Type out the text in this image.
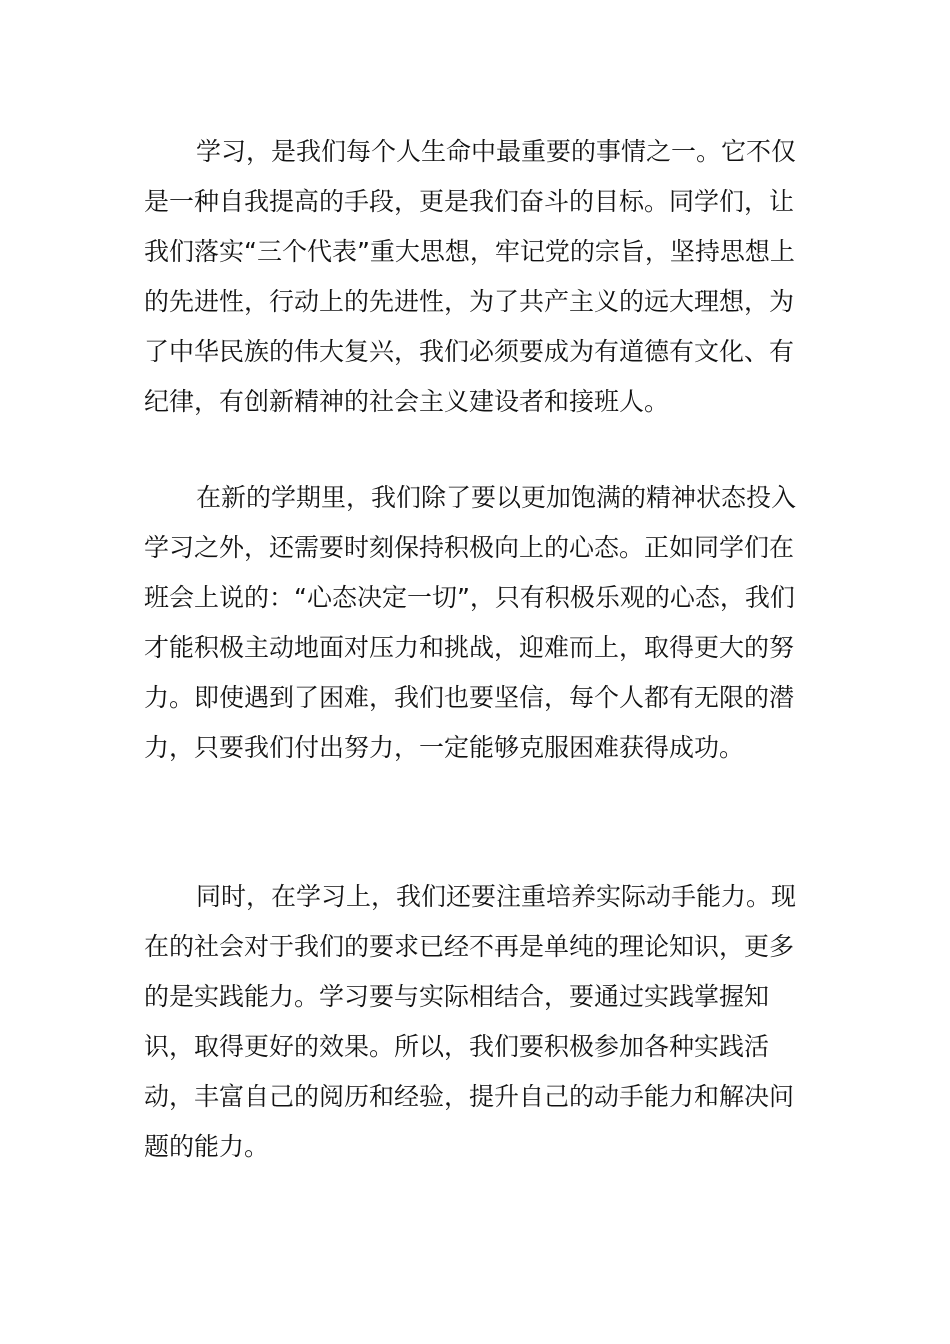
学习，是我们每个人生命中最重要的事情之一。它不仅是一种自我提高的手段，更是我们奋斗的目标。同学们，让我们落实“三个代表”重大思想，牢记党的宗旨，坚持思想上的先进性，行动上的先进性，为了共产主义的远大理想，为了中华民族的伟大复兴，我们必须要成为有道德有文化、有纪律，有创新精神的社会主义建设者和接班人。

在新的学期里，我们除了要以更加饱满的精神状态投入学习之外，还需要时刻保持积极向上的心态。正如同学们在班会上说的：“心态决定一切”，只有积极乐观的心态，我们才能积极主动地面对压力和挑战，迎难而上，取得更大的努力。即使遇到了困难，我们也要坚信，每个人都有无限的潜力，只要我们付出努力，一定能够克服困难获得成功。

同时，在学习上，我们还要注重培养实际动手能力。现在的社会对于我们的要求已经不再是单纯的理论知识，更多的是实践能力。学习要与实际相结合，要通过实践掌握知识，取得更好的效果。所以，我们要积极参加各种实践活动，丰富自己的阅历和经验，提升自己的动手能力和解决问题的能力。
